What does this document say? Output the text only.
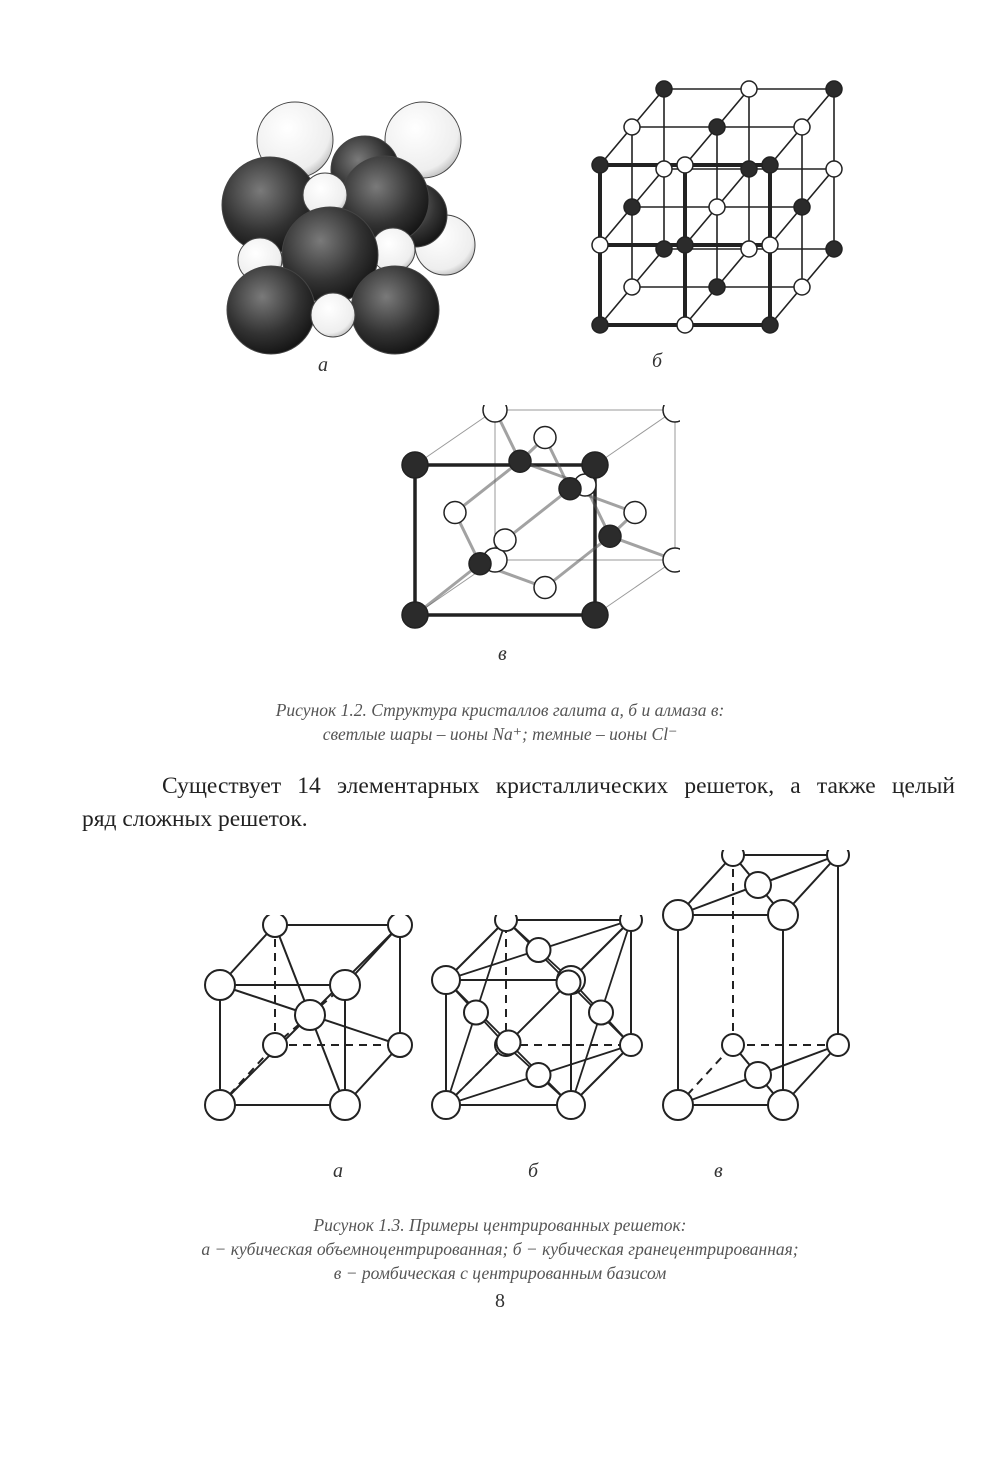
а	б
в
Рисунок 1.2. Структура кристаллов галита а, б и алмаза в:
светлые шары – ионы Na⁺; темные – ионы Cl⁻
Существует 14 элементарных кристаллических решеток, а также целый
ряд сложных решеток.
а	б	в
Рисунок 1.3. Примеры центрированных решеток:
а − кубическая объемноцентрированная; б − кубическая гранецентрированная;
в − ромбическая с центрированным базисом
8
